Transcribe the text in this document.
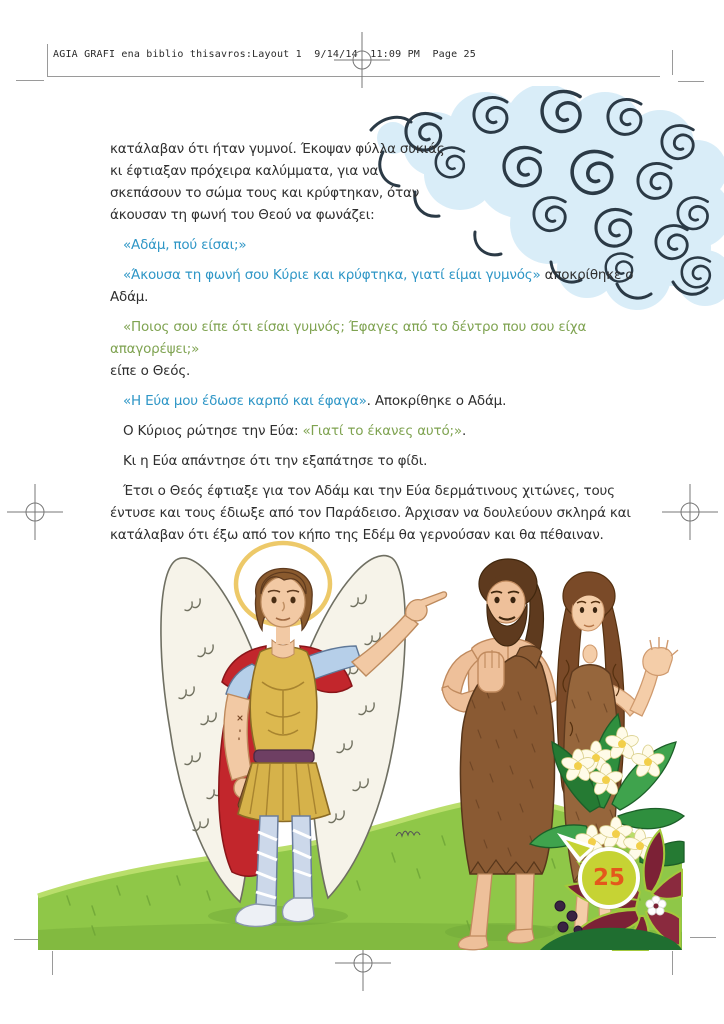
AGIA GRAFI ena biblio thisavros:Layout 1  9/14/14  11:09 PM  Page 25

κατάλαβαν ότι ήταν γυμνοί. Έκοψαν φύλλα συκιάς κι έφτιαξαν πρόχειρα καλύμματα, για να σκεπάσουν το σώμα τους και κρύφτηκαν, όταν άκουσαν τη φωνή του Θεού να φωνάζει:

«Αδάμ, πού είσαι;»

«Άκουσα τη φωνή σου Κύριε και κρύφτηκα, γιατί είμαι γυμνός» αποκρίθηκε ο Αδάμ.

«Ποιος σου είπε ότι είσαι γυμνός; Έφαγες από το δέντρο που σου είχα απαγορέψει;»

είπε ο Θεός.

«Η Εύα μου έδωσε καρπό και έφαγα». Αποκρίθηκε ο Αδάμ.

Ο Κύριος ρώτησε την Εύα: «Γιατί το έκανες αυτό;».

Κι η Εύα απάντησε ότι την εξαπάτησε το φίδι.

Έτσι ο Θεός έφτιαξε για τον Αδάμ και την Εύα δερμάτινους χιτώνες, τους έντυσε και τους έδιωξε από τον Παράδεισο. Άρχισαν να δουλεύουν σκληρά και κατάλαβαν ότι έξω από τον κήπο της Εδέμ θα γερνούσαν και θα πέθαιναν.

25
